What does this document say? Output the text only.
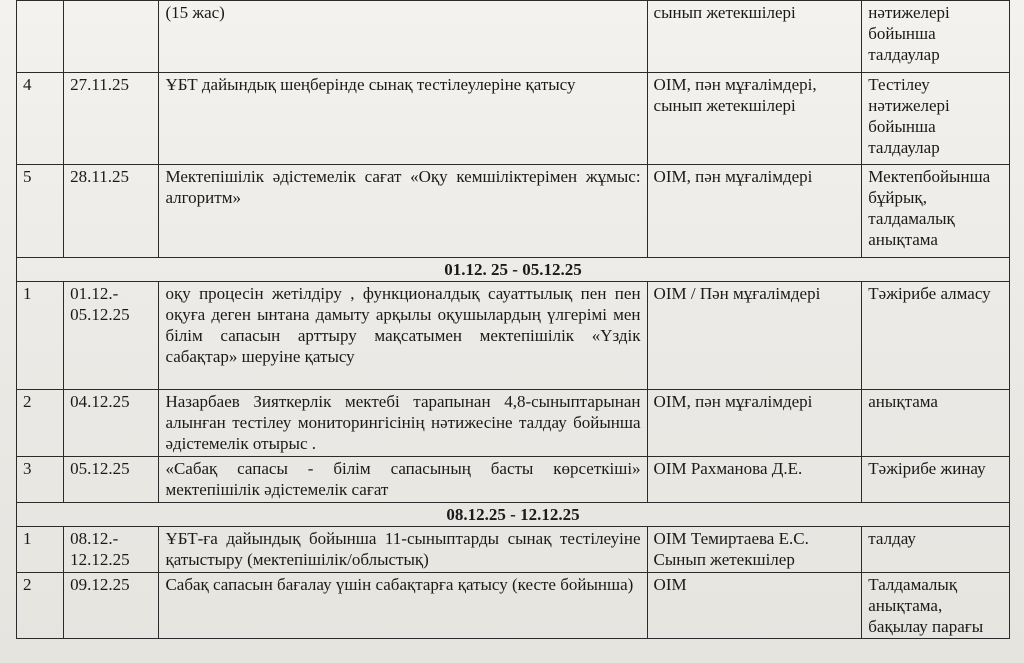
		(15 жас)	сынып жетекшілері	нәтижелері бойынша талдаулар
4	27.11.25	ҰБТ дайындық шеңберінде сынақ тестілеулеріне қатысу	ОІМ, пән мұғалімдері, сынып жетекшілері	Тестілеу нәтижелері бойынша талдаулар
5	28.11.25	Мектепішілік әдістемелік сағат «Оқу кемшіліктерімен жұмыс: алгоритм»	ОІМ, пән мұғалімдері	Мектепбойынша бұйрық, талдамалық анықтама
01.12. 25 - 05.12.25				
1	01.12.- 05.12.25	оқу процесін жетілдіру , функционалдық сауаттылық пен пен оқуға деген ынтана дамыту арқылы оқушылардың үлгерімі мен білім сапасын арттыру мақсатымен мектепішілік «Үздік сабақтар» шеруіне қатысу	ОІМ / Пән мұғалімдері	Тәжірибе алмасу
2	04.12.25	Назарбаев Зияткерлік мектебі тарапынан 4,8-сыныптарынан алынған тестілеу мониторингісінің нәтижесіне талдау бойынша әдістемелік отырыс .	ОІМ, пән мұғалімдері	анықтама
3	05.12.25	«Сабақ сапасы - білім сапасының басты көрсеткіші» мектепішілік әдістемелік сағат	ОІМ Рахманова Д.Е.	Тәжірибе жинау
08.12.25 - 12.12.25				
1	08.12.- 12.12.25	ҰБТ-ға дайындық бойынша 11-сыныптарды сынақ тестілеуіне қатыстыру (мектепішілік/облыстық)	ОІМ Темиртаева Е.С. Сынып жетекшілер	талдау
2	09.12.25	Сабақ сапасын бағалау үшін сабақтарға қатысу (кесте бойынша)	ОІМ	Талдамалық анықтама, бақылау парағы
